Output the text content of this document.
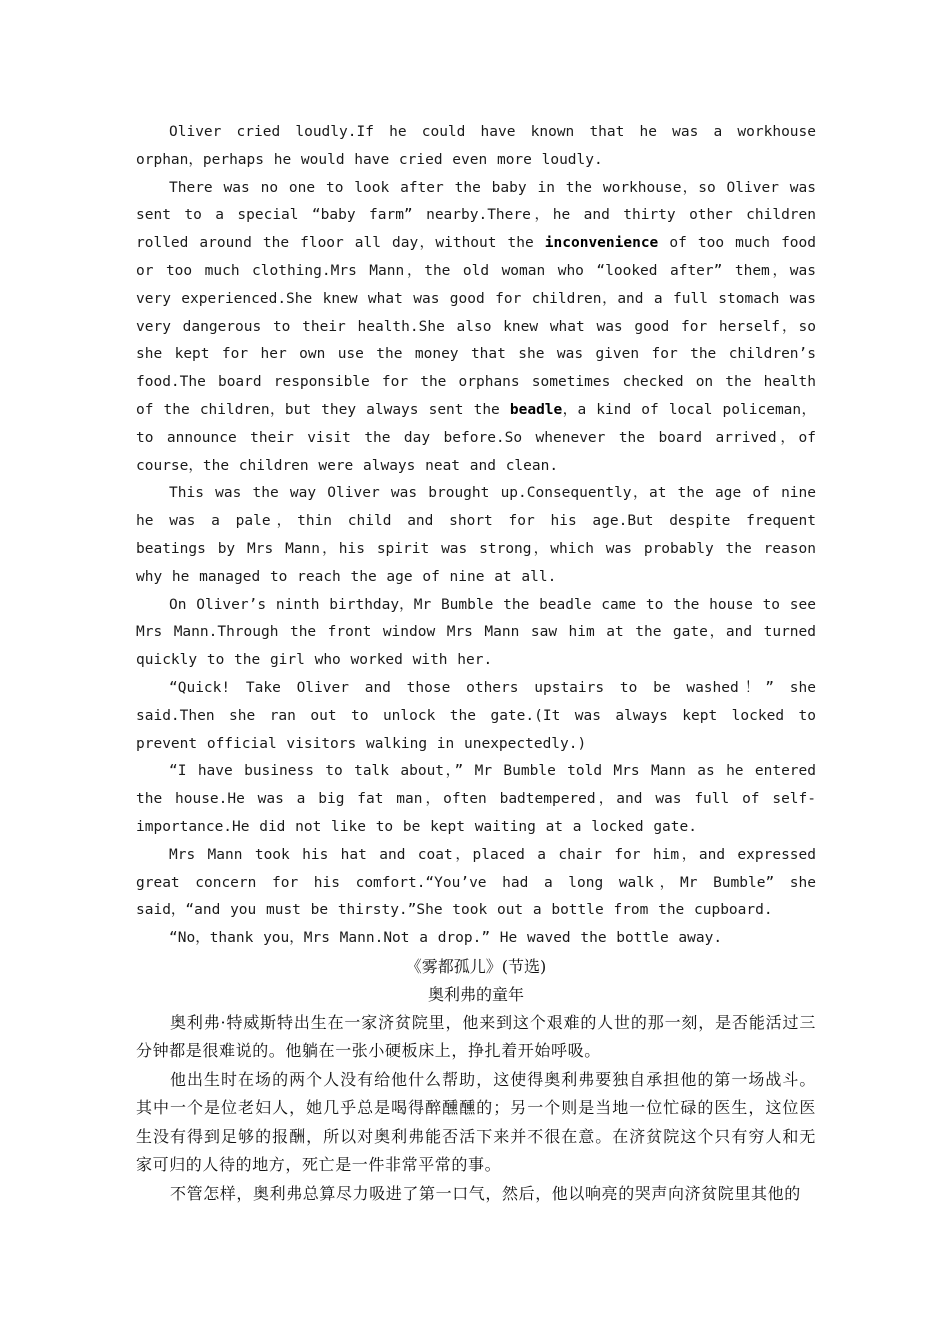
Oliver cried loudly.If he could have known that he was a workhouse orphan，perhaps he would have cried even more loudly.

There was no one to look after the baby in the workhouse，so Oliver was sent to a special “baby farm” nearby.There，he and thirty other children rolled around the floor all day，without the inconvenience of too much food or too much clothing.Mrs Mann，the old woman who “looked after” them，was very experienced.She knew what was good for children，and a full stomach was very dangerous to their health.She also knew what was good for herself，so she kept for her own use the money that she was given for the children’s food.The board responsible for the orphans sometimes checked on the health of the children，but they always sent the beadle，a kind of local policeman，to announce their visit the day before.So whenever the board arrived，of course，the children were always neat and clean.

This was the way Oliver was brought up.Consequently，at the age of nine he was a pale，thin child and short for his age.But despite frequent beatings by Mrs Mann，his spirit was strong，which was probably the reason why he managed to reach the age of nine at all.

On Oliver’s ninth birthday，Mr Bumble the beadle came to the house to see Mrs Mann.Through the front window Mrs Mann saw him at the gate，and turned quickly to the girl who worked with her.

“Quick! Take Oliver and those others upstairs to be washed！” she said.Then she ran out to unlock the gate.(It was always kept locked to prevent official visitors walking in unexpectedly.)

“I have business to talk about，” Mr Bumble told Mrs Mann as he entered the house.He was a big fat man，often badtempered，and was full of self-importance.He did not like to be kept waiting at a locked gate.

Mrs Mann took his hat and coat，placed a chair for him，and expressed great concern for his comfort.“You’ve had a long walk，Mr Bumble” she said，“and you must be thirsty.”She took out a bottle from the cupboard.

“No，thank you，Mrs Mann.Not a drop.” He waved the bottle away.

《雾都孤儿》(节选)

奥利弗的童年

奥利弗·特威斯特出生在一家济贫院里，他来到这个艰难的人世的那一刻，是否能活过三分钟都是很难说的。他躺在一张小硬板床上，挣扎着开始呼吸。

他出生时在场的两个人没有给他什么帮助，这使得奥利弗要独自承担他的第一场战斗。其中一个是位老妇人，她几乎总是喝得醉醺醺的；另一个则是当地一位忙碌的医生，这位医生没有得到足够的报酬，所以对奥利弗能否活下来并不很在意。在济贫院这个只有穷人和无家可归的人待的地方，死亡是一件非常平常的事。

不管怎样，奥利弗总算尽力吸进了第一口气，然后，他以响亮的哭声向济贫院里其他的
